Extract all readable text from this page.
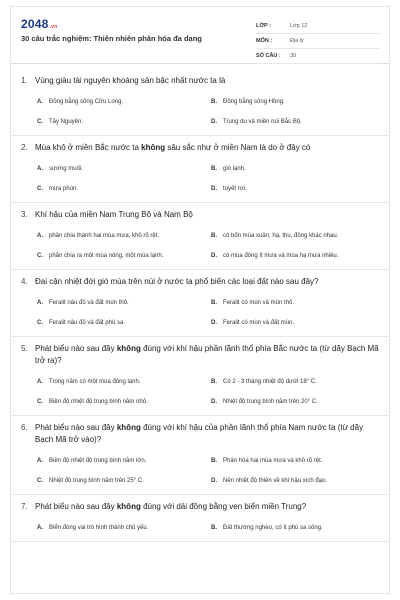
2048.vn
30 câu trắc nghiệm: Thiên nhiên phân hóa đa dạng
LỚP :	Lớp 12
MÔN :	Địa lý
SỐ CÂU :	30
1. Vùng giàu tài nguyên khoáng sản bậc nhất nước ta là
A.	Đồng bằng sông Cửu Long.	B.	Đồng bằng sông Hồng.
C.	Tây Nguyên.	D.	Trung du và miền núi Bắc Bộ.
2. Mùa khô ở miền Bắc nước ta không sâu sắc như ở miền Nam là do ở đây có
A.	sương muối.	B.	gió lạnh.
C.	mưa phùn.	D.	tuyết rơi.
3. Khí hậu của miền Nam Trung Bộ và Nam Bộ
A.	phân chia thành hai mùa mưa, khô rõ rệt.	B.	có bốn mùa xuân, hạ, thu, đông khác nhau.
C.	phân chia ra một mùa nóng, một mùa lạnh.	D.	có mùa đông ít mưa và mùa hạ mưa nhiều.
4. Đai cận nhiệt đới gió mùa trên núi ở nước ta phổ biến các loại đất nào sau đây?
A.	Feralit nâu đỏ và đất mùn thô.	B.	Feralit có mùn và mùn thô.
C.	Feralit nâu đỏ và đất phù sa.	D.	Feralit có mùn và đất mùn.
5. Phát biểu nào sau đây không đúng với khí hậu phần lãnh thổ phía Bắc nước ta (từ dãy Bạch Mã trở ra)?
A.	Trong năm có một mùa đông lạnh.	B.	Có 2 - 3 tháng nhiệt độ dưới 18° C.
C.	Biên độ nhiệt độ trung bình năm nhỏ.	D.	Nhiệt độ trung bình năm trên 20° C.
6. Phát biểu nào sau đây không đúng với khí hậu của phần lãnh thổ phía Nam nước ta (từ dãy Bạch Mã trở vào)?
A.	Biên độ nhiệt độ trung bình năm lớn.	B.	Phân hóa hai mùa mưa và khô rõ rệt.
C.	Nhiệt độ trung bình năm trên 25° C.	D.	Nền nhiệt độ thiên về khí hậu xích đạo.
7. Phát biểu nào sau đây không đúng với dải đồng bằng ven biển miền Trung?
A.	Biển đóng vai trò hình thành chủ yếu.	B.	Đất thường nghèo, có ít phù sa sông.
